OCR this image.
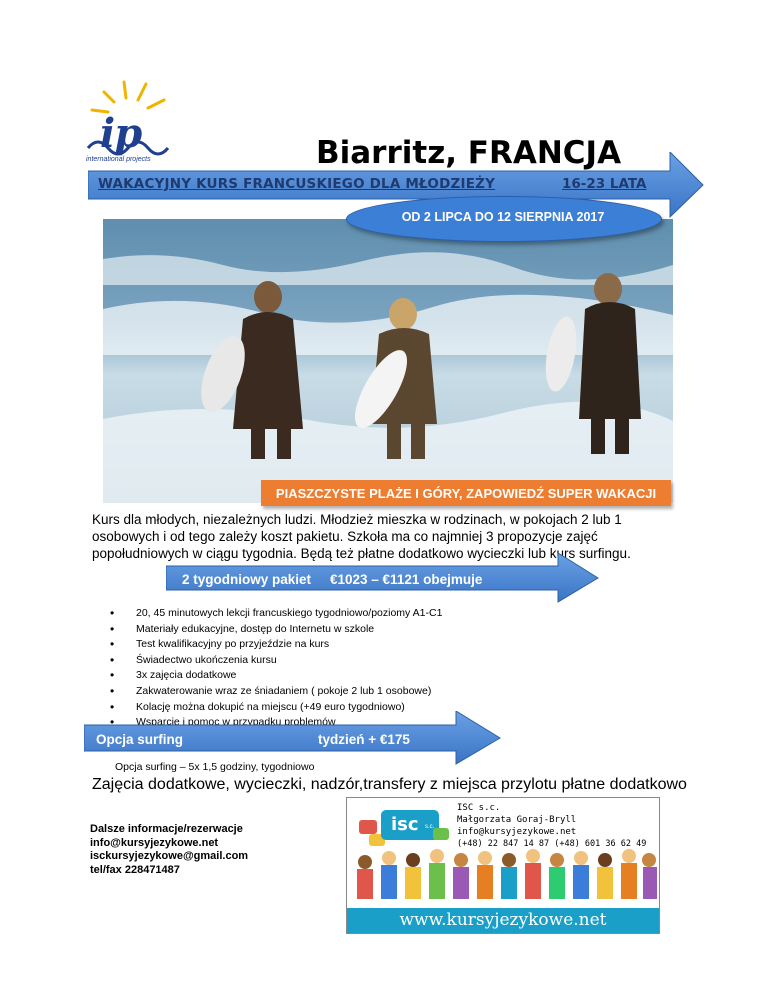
ip
international projects	Biarritz, FRANCJA
WAKACYJNY KURS FRANCUSKIEGO DLA MŁODZIEŻY	16-23 LATA
OD 2 LIPCA DO 12 SIERPNIA 2017
PIASZCZYSTE PLAŻE I GÓRY, ZAPOWIEDŹ SUPER WAKACJI
Kurs dla młodych, niezależnych ludzi. Młodzież mieszka w rodzinach, w pokojach 2 lub 1 osobowych i od tego zależy koszt pakietu. Szkoła ma co najmniej 3 propozycje zajęć popołudniowych w ciągu tygodnia. Będą też płatne dodatkowo wycieczki lub kurs surfingu.
2 tygodniowy pakiet €1023 – €1121 obejmuje
• 20, 45 minutowych lekcji francuskiego tygodniowo/poziomy A1-C1
• Materiały edukacyjne, dostęp do Internetu w szkole
• Test kwalifikacyjny po przyjeździe na kurs
• Świadectwo ukończenia kursu
• 3x zajęcia dodatkowe
• Zakwaterowanie wraz ze śniadaniem ( pokoje 2 lub 1 osobowe)
• Kolację można dokupić na miejscu (+49 euro tygodniowo)
• Wsparcie i pomoc w przypadku problemów
Opcja surfing	tydzień + €175
Opcja surfing – 5x 1,5 godziny, tygodniowo
Zajęcia dodatkowe, wycieczki, nadzór,transfery z miejsca przylotu płatne dodatkowo
Dalsze informacje/rezerwacje
info@kursyjezykowe.net
isckursyjezykowe@gmail.com
tel/fax 228471487
isc s.c.
ISC s.c.
Małgorzata Goraj-Bryll
info@kursyjezykowe.net
(+48) 22 847 14 87 (+48) 601 36 62 49
www.kursyjezykowe.net
